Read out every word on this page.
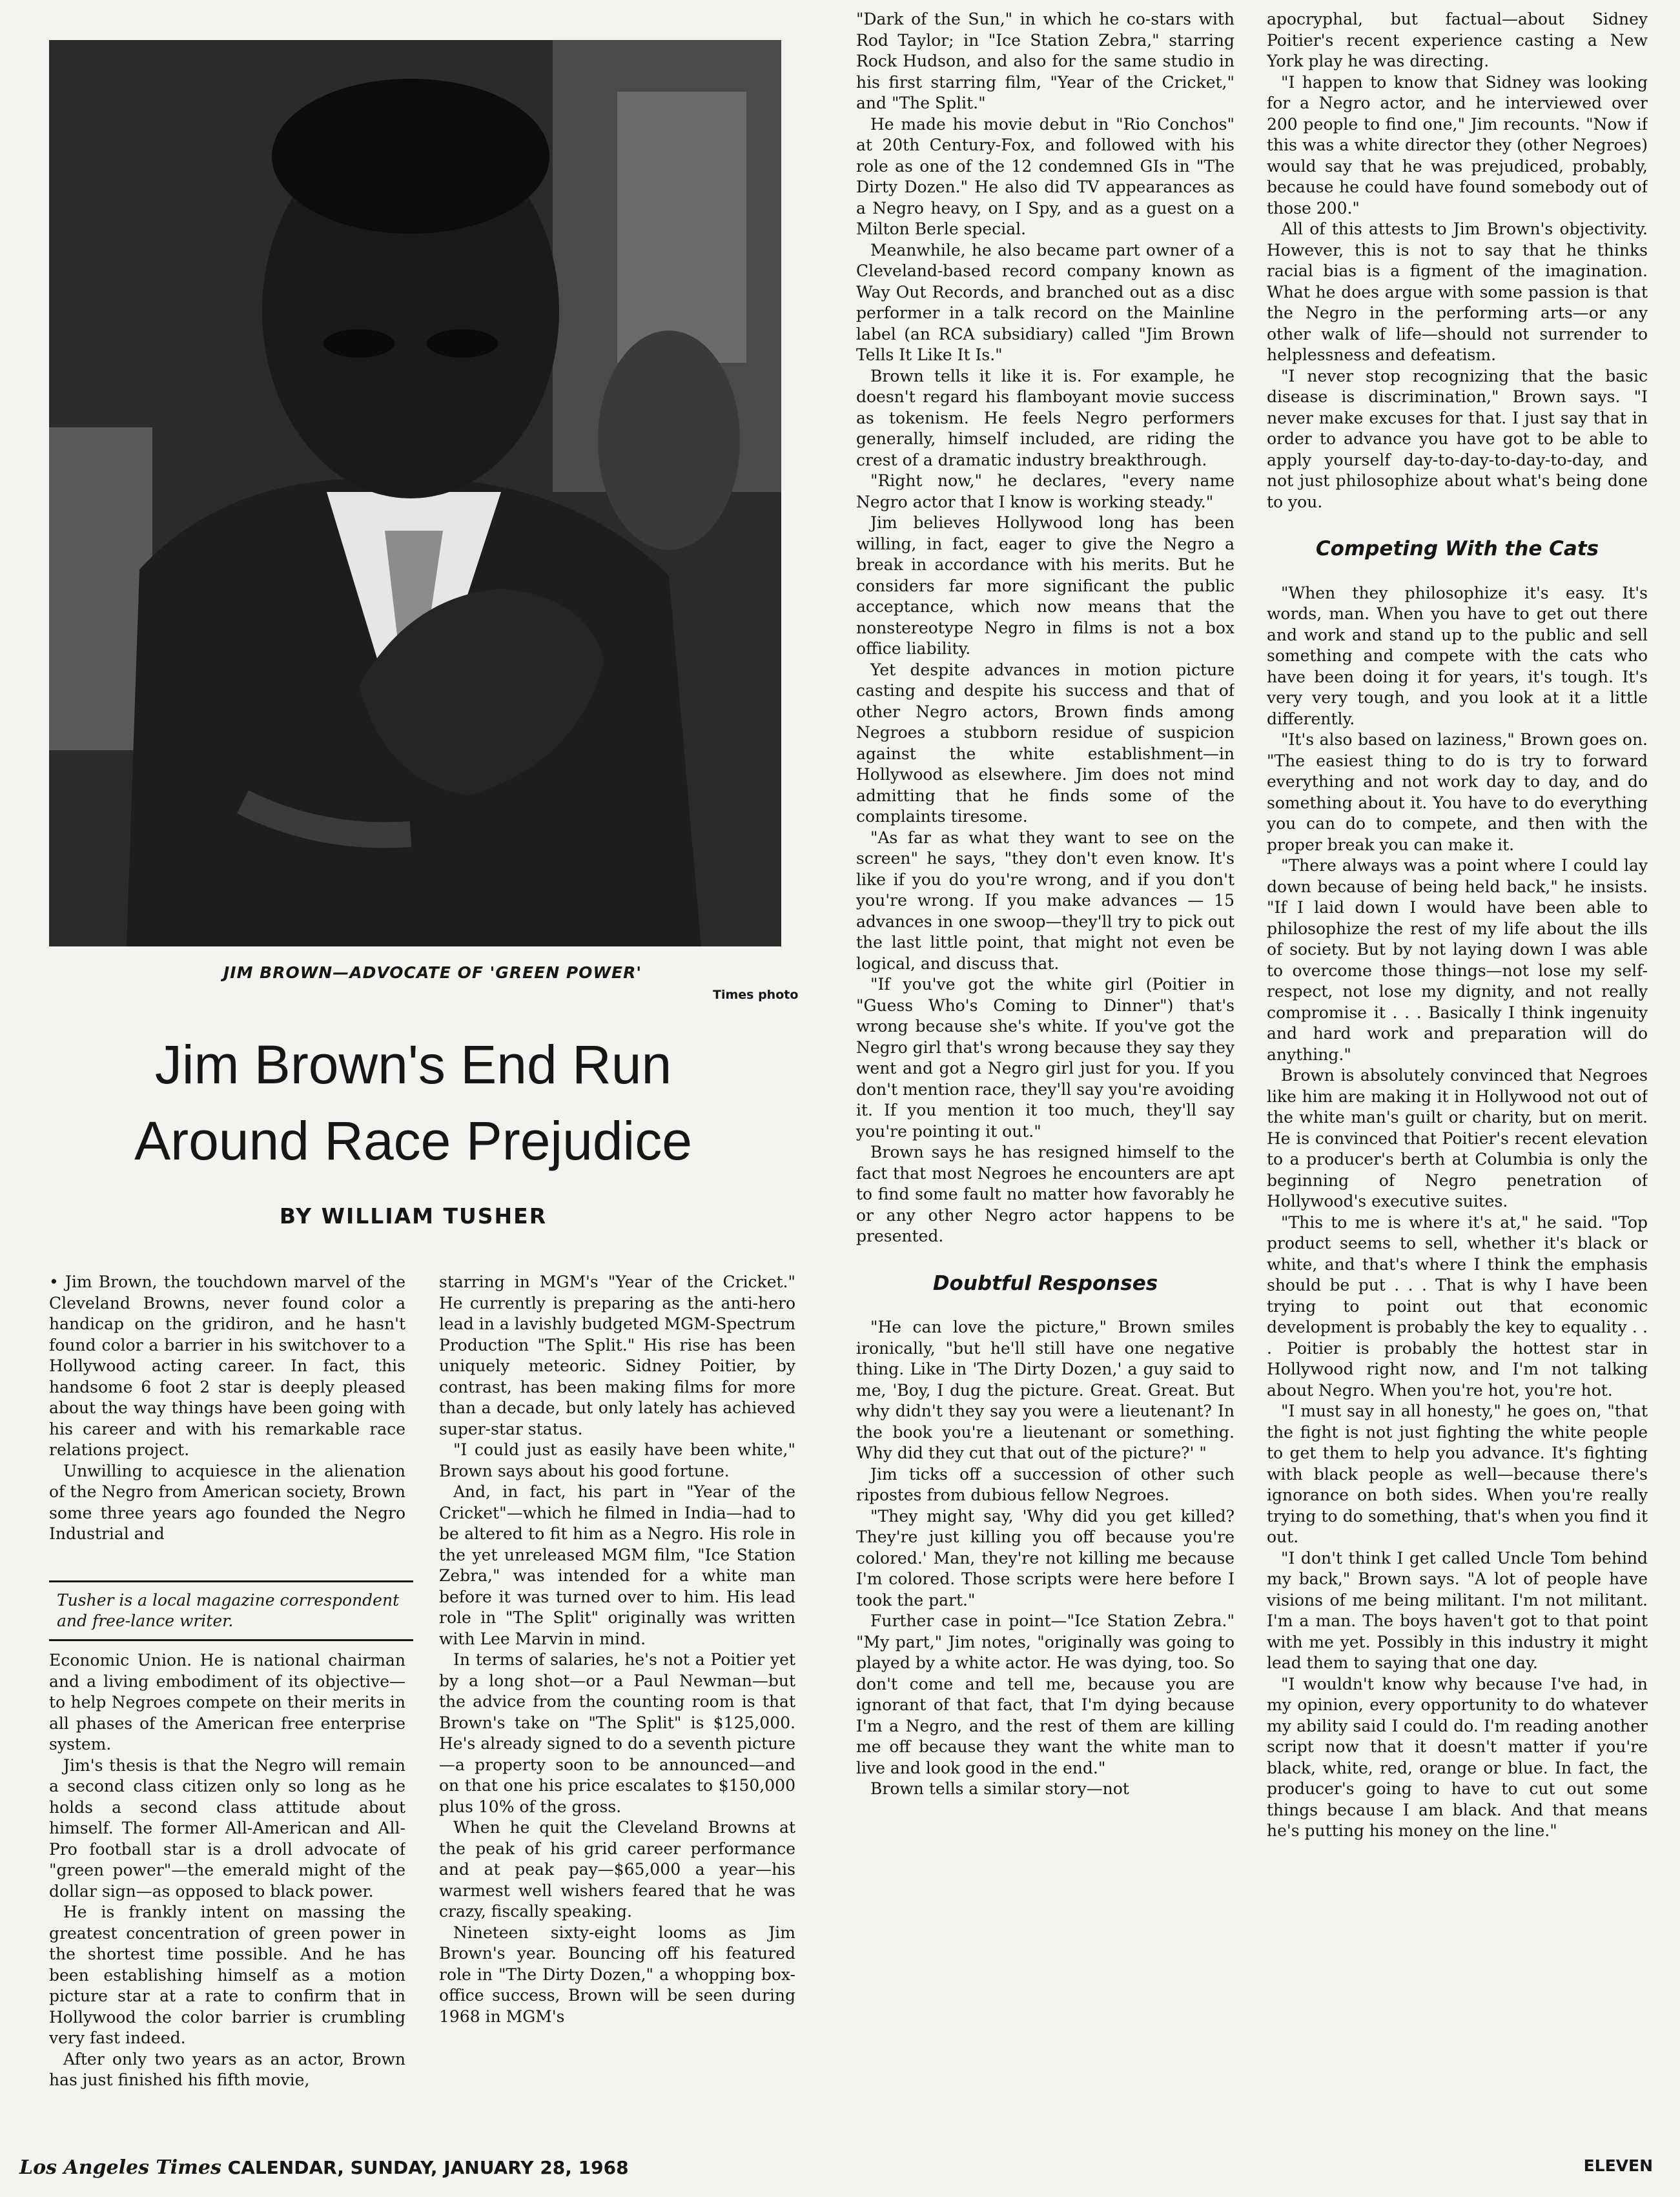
JIM BROWN—ADVOCATE OF 'GREEN POWER'
Times photo
Jim Brown's End Run
Around Race Prejudice
BY WILLIAM TUSHER

• Jim Brown, the touchdown marvel of the Cleveland Browns, never found color a handicap on the gridiron, and he hasn't found color a barrier in his switchover to a Hollywood acting career. In fact, this handsome 6 foot 2 star is deeply pleased about the way things have been going with his career and with his remarkable race relations project.

Unwilling to acquiesce in the alienation of the Negro from American society, Brown some three years ago founded the Negro Industrial and

Tusher is a local magazine correspondent and free-lance writer.

Economic Union. He is national chairman and a living embodiment of its objective—to help Negroes compete on their merits in all phases of the American free enterprise system.

Jim's thesis is that the Negro will remain a second class citizen only so long as he holds a second class attitude about himself. The former All-American and All-Pro football star is a droll advocate of "green power"—the emerald might of the dollar sign—as opposed to black power.

He is frankly intent on massing the greatest concentration of green power in the shortest time possible. And he has been establishing himself as a motion picture star at a rate to confirm that in Hollywood the color barrier is crumbling very fast indeed.

After only two years as an actor, Brown has just finished his fifth movie,

starring in MGM's "Year of the Cricket." He currently is preparing as the anti-hero lead in a lavishly budgeted MGM-Spectrum Production "The Split." His rise has been uniquely meteoric. Sidney Poitier, by contrast, has been making films for more than a decade, but only lately has achieved super-star status.

"I could just as easily have been white," Brown says about his good fortune.

And, in fact, his part in "Year of the Cricket"—which he filmed in India—had to be altered to fit him as a Negro. His role in the yet unreleased MGM film, "Ice Station Zebra," was intended for a white man before it was turned over to him. His lead role in "The Split" originally was written with Lee Marvin in mind.

In terms of salaries, he's not a Poitier yet by a long shot—or a Paul Newman—but the advice from the counting room is that Brown's take on "The Split" is $125,000. He's already signed to do a seventh picture—a property soon to be announced—and on that one his price escalates to $150,000 plus 10% of the gross.

When he quit the Cleveland Browns at the peak of his grid career performance and at peak pay—$65,000 a year—his warmest well wishers feared that he was crazy, fiscally speaking.

Nineteen sixty-eight looms as Jim Brown's year. Bouncing off his featured role in "The Dirty Dozen," a whopping box-office success, Brown will be seen during 1968 in MGM's

"Dark of the Sun," in which he co-stars with Rod Taylor; in "Ice Station Zebra," starring Rock Hudson, and also for the same studio in his first starring film, "Year of the Cricket," and "The Split."

He made his movie debut in "Rio Conchos" at 20th Century-Fox, and followed with his role as one of the 12 condemned GIs in "The Dirty Dozen." He also did TV appearances as a Negro heavy, on I Spy, and as a guest on a Milton Berle special.

Meanwhile, he also became part owner of a Cleveland-based record company known as Way Out Records, and branched out as a disc performer in a talk record on the Mainline label (an RCA subsidiary) called "Jim Brown Tells It Like It Is."

Brown tells it like it is. For example, he doesn't regard his flamboyant movie success as tokenism. He feels Negro performers generally, himself included, are riding the crest of a dramatic industry breakthrough.

"Right now," he declares, "every name Negro actor that I know is working steady."

Jim believes Hollywood long has been willing, in fact, eager to give the Negro a break in accordance with his merits. But he considers far more significant the public acceptance, which now means that the nonstereotype Negro in films is not a box office liability.

Yet despite advances in motion picture casting and despite his success and that of other Negro actors, Brown finds among Negroes a stubborn residue of suspicion against the white establishment—in Hollywood as elsewhere. Jim does not mind admitting that he finds some of the complaints tiresome.

"As far as what they want to see on the screen" he says, "they don't even know. It's like if you do you're wrong, and if you don't you're wrong. If you make advances — 15 advances in one swoop—they'll try to pick out the last little point, that might not even be logical, and discuss that.

"If you've got the white girl (Poitier in "Guess Who's Coming to Dinner") that's wrong because she's white. If you've got the Negro girl that's wrong because they say they went and got a Negro girl just for you. If you don't mention race, they'll say you're avoiding it. If you mention it too much, they'll say you're pointing it out."

Brown says he has resigned himself to the fact that most Negroes he encounters are apt to find some fault no matter how favorably he or any other Negro actor happens to be presented.

Doubtful Responses

"He can love the picture," Brown smiles ironically, "but he'll still have one negative thing. Like in 'The Dirty Dozen,' a guy said to me, 'Boy, I dug the picture. Great. Great. But why didn't they say you were a lieutenant? In the book you're a lieutenant or something. Why did they cut that out of the picture?' "

Jim ticks off a succession of other such ripostes from dubious fellow Negroes.

"They might say, 'Why did you get killed? They're just killing you off because you're colored.' Man, they're not killing me because I'm colored. Those scripts were here before I took the part."

Further case in point—"Ice Station Zebra." "My part," Jim notes, "originally was going to played by a white actor. He was dying, too. So don't come and tell me, because you are ignorant of that fact, that I'm dying because I'm a Negro, and the rest of them are killing me off because they want the white man to live and look good in the end."

Brown tells a similar story—not

apocryphal, but factual—about Sidney Poitier's recent experience casting a New York play he was directing.

"I happen to know that Sidney was looking for a Negro actor, and he interviewed over 200 people to find one," Jim recounts. "Now if this was a white director they (other Negroes) would say that he was prejudiced, probably, because he could have found somebody out of those 200."

All of this attests to Jim Brown's objectivity. However, this is not to say that he thinks racial bias is a figment of the imagination. What he does argue with some passion is that the Negro in the performing arts—or any other walk of life—should not surrender to helplessness and defeatism.

"I never stop recognizing that the basic disease is discrimination," Brown says. "I never make excuses for that. I just say that in order to advance you have got to be able to apply yourself day-to-day-to-day-to-day, and not just philosophize about what's being done to you.

Competing With the Cats

"When they philosophize it's easy. It's words, man. When you have to get out there and work and stand up to the public and sell something and compete with the cats who have been doing it for years, it's tough. It's very very tough, and you look at it a little differently.

"It's also based on laziness," Brown goes on. "The easiest thing to do is try to forward everything and not work day to day, and do something about it. You have to do everything you can do to compete, and then with the proper break you can make it.

"There always was a point where I could lay down because of being held back," he insists. "If I laid down I would have been able to philosophize the rest of my life about the ills of society. But by not laying down I was able to overcome those things—not lose my self-respect, not lose my dignity, and not really compromise it . . . Basically I think ingenuity and hard work and preparation will do anything."

Brown is absolutely convinced that Negroes like him are making it in Hollywood not out of the white man's guilt or charity, but on merit. He is convinced that Poitier's recent elevation to a producer's berth at Columbia is only the beginning of Negro penetration of Hollywood's executive suites.

"This to me is where it's at," he said. "Top product seems to sell, whether it's black or white, and that's where I think the emphasis should be put . . . That is why I have been trying to point out that economic development is probably the key to equality . . . Poitier is probably the hottest star in Hollywood right now, and I'm not talking about Negro. When you're hot, you're hot.

"I must say in all honesty," he goes on, "that the fight is not just fighting the white people to get them to help you advance. It's fighting with black people as well—because there's ignorance on both sides. When you're really trying to do something, that's when you find it out.

"I don't think I get called Uncle Tom behind my back," Brown says. "A lot of people have visions of me being militant. I'm not militant. I'm a man. The boys haven't got to that point with me yet. Possibly in this industry it might lead them to saying that one day.

"I wouldn't know why because I've had, in my opinion, every opportunity to do whatever my ability said I could do. I'm reading another script now that it doesn't matter if you're black, white, red, orange or blue. In fact, the producer's going to have to cut out some things because I am black. And that means he's putting his money on the line."

Los Angeles Times CALENDAR, SUNDAY, JANUARY 28, 1968	ELEVEN
